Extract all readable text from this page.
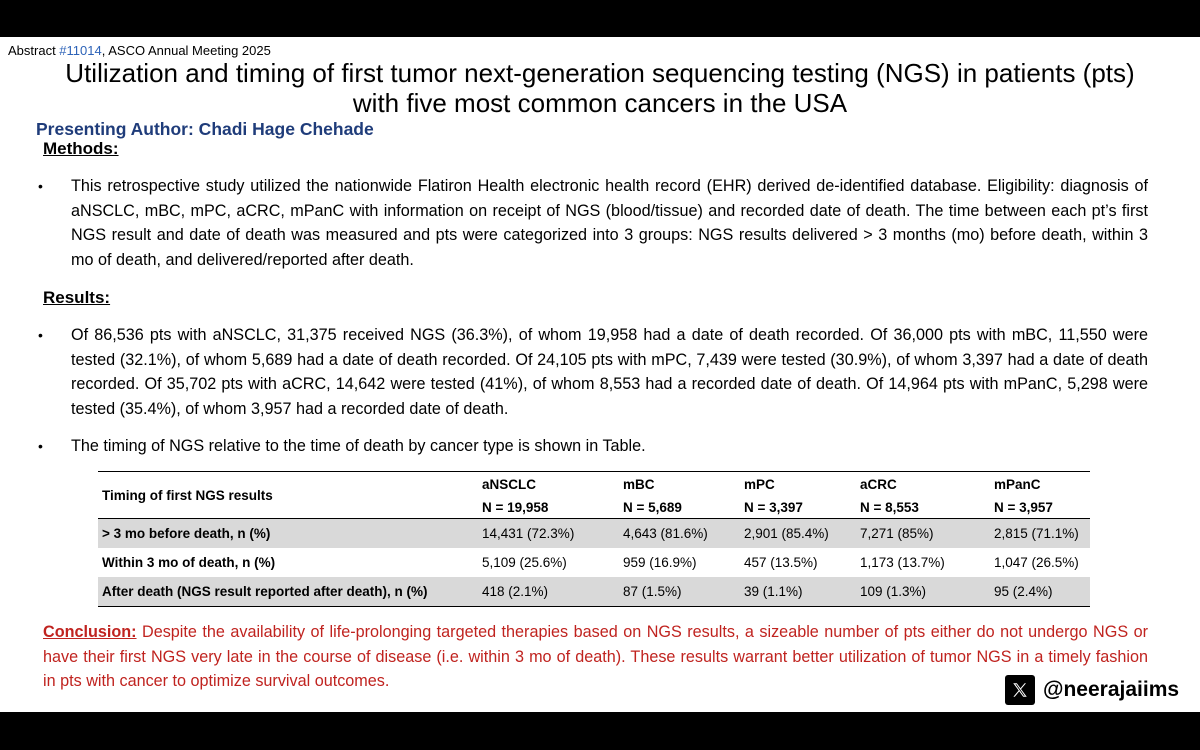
Abstract #11014, ASCO Annual Meeting 2025
Utilization and timing of first tumor next-generation sequencing testing (NGS) in patients (pts)
with five most common cancers in the USA
Presenting Author: Chadi Hage Chehade
Methods:
• This retrospective study utilized the nationwide Flatiron Health electronic health record (EHR) derived de-identified database. Eligibility: diagnosis of aNSCLC, mBC, mPC, aCRC, mPanC with information on receipt of NGS (blood/tissue) and recorded date of death. The time between each pt’s first NGS result and date of death was measured and pts were categorized into 3 groups: NGS results delivered > 3 months (mo) before death, within 3 mo of death, and delivered/reported after death.
Results:
• Of 86,536 pts with aNSCLC, 31,375 received NGS (36.3%), of whom 19,958 had a date of death recorded. Of 36,000 pts with mBC, 11,550 were tested (32.1%), of whom 5,689 had a date of death recorded. Of 24,105 pts with mPC, 7,439 were tested (30.9%), of whom 3,397 had a date of death recorded. Of 35,702 pts with aCRC, 14,642 were tested (41%), of whom 8,553 had a recorded date of death. Of 14,964 pts with mPanC, 5,298 were tested (35.4%), of whom 3,957 had a recorded date of death.
• The timing of NGS relative to the time of death by cancer type is shown in Table.
Timing of first NGS results	aNSCLC	mBC	mPC	aCRC	mPanC
	N = 19,958	N = 5,689	N = 3,397	N = 8,553	N = 3,957
> 3 mo before death, n (%)	14,431 (72.3%)	4,643 (81.6%)	2,901 (85.4%)	7,271 (85%)	2,815 (71.1%)
Within 3 mo of death, n (%)	5,109 (25.6%)	959 (16.9%)	457 (13.5%)	1,173 (13.7%)	1,047 (26.5%)
After death (NGS result reported after death), n (%)	418 (2.1%)	87 (1.5%)	39 (1.1%)	109 (1.3%)	95 (2.4%)
Conclusion: Despite the availability of life-prolonging targeted therapies based on NGS results, a sizeable number of pts either do not undergo NGS or have their first NGS very late in the course of disease (i.e. within 3 mo of death). These results warrant better utilization of tumor NGS in a timely fashion in pts with cancer to optimize survival outcomes.	@neerajaiims
